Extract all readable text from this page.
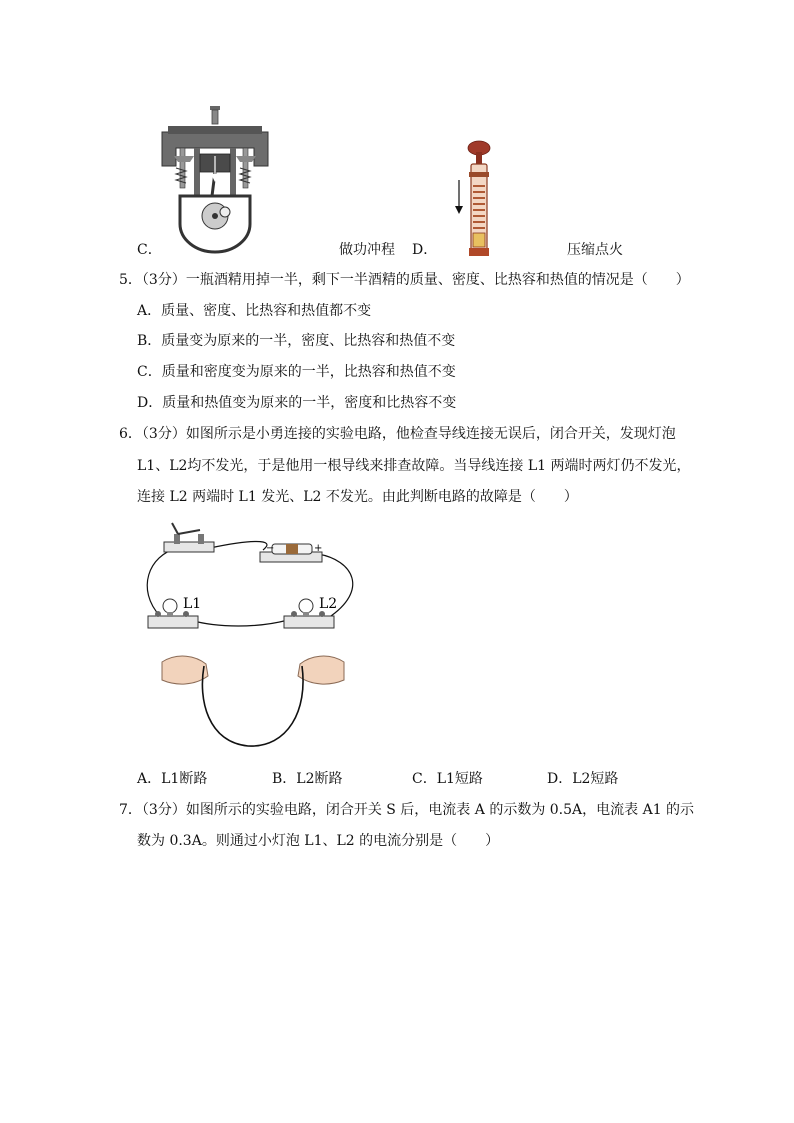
C．	做功冲程 D．	压缩点火
5．（3分）一瓶酒精用掉一半，剩下一半酒精的质量、密度、比热容和热值的情况是（　　）
A．质量、密度、比热容和热值都不变
B．质量变为原来的一半，密度、比热容和热值不变
C．质量和密度变为原来的一半，比热容和热值不变
D．质量和热值变为原来的一半，密度和比热容不变
6．（3分）如图所示是小勇连接的实验电路，他检查导线连接无误后，闭合开关，发现灯泡
L1、L2均不发光，于是他用一根导线来排查故障。当导线连接 L1 两端时两灯仍不发光，
连接 L2 两端时 L1 发光、L2 不发光。由此判断电路的故障是（　　）
−	+
L1	L2
A．L1断路	B．L2断路	C．L1短路	D．L2短路
7．（3分）如图所示的实验电路，闭合开关 S 后，电流表 A 的示数为 0.5A，电流表 A1 的示
数为 0.3A。则通过小灯泡 L1、L2 的电流分别是（　　）
